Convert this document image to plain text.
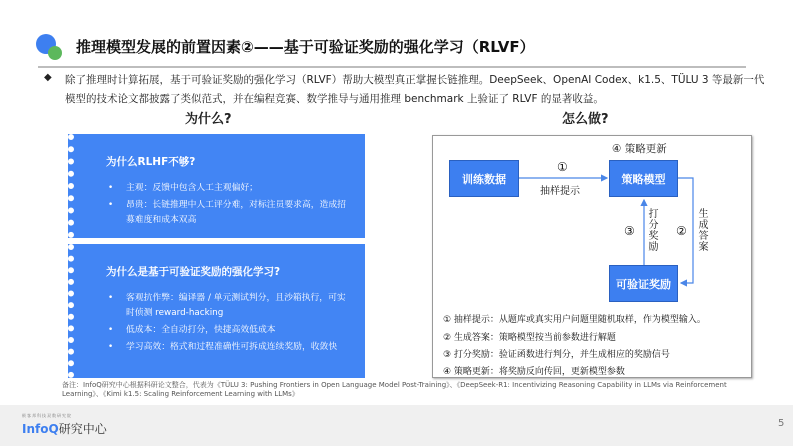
推理模型发展的前置因素②——基于可验证奖励的强化学习（RLVF）
◆ 除了推理时计算拓展，基于可验证奖励的强化学习（RLVF）帮助大模型真正掌握长链推理。DeepSeek、OpenAI Codex、k1.5、TÜLU 3 等最新一代模型的技术论文都披露了类似范式，并在编程竞赛、数学推导与通用推理 benchmark 上验证了 RLVF 的显著收益。
为什么?	怎么做?
为什么RLHF不够?
• 主观：反馈中包含人工主观偏好；
• 昂贵：长链推理中人工评分难，对标注员要求高，造成招募难度和成本双高
为什么是基于可验证奖励的强化学习?
• 客观抗作弊：编译器 / 单元测试判分，且沙箱执行，可实时侦测 reward-hacking
• 低成本：全自动打分，快捷高效低成本
• 学习高效：格式和过程准确性可拆成连续奖励，收敛快
训练数据	策略模型
可验证奖励
④ 策略更新
①
抽样提示
② 生成答案
③ 打分奖励
① 抽样提示：从题库或真实用户问题里随机取样，作为模型输入。
② 生成答案：策略模型按当前参数进行解题
③ 打分奖励：验证函数进行判分，并生成相应的奖励信号
④ 策略更新：将奖励反向传回，更新模型参数
备注：InfoQ研究中心根据科研论文整合，代表为《TÜLU 3: Pushing Frontiers in Open Language Model Post-Training》、《DeepSeek-R1: Incentivizing Reasoning Capability in LLMs via Reinforcement Learning》、《Kimi k1.5: Scaling Reinforcement Learning with LLMs》
极客邦科技双数研究院
InfoQ研究中心	5
